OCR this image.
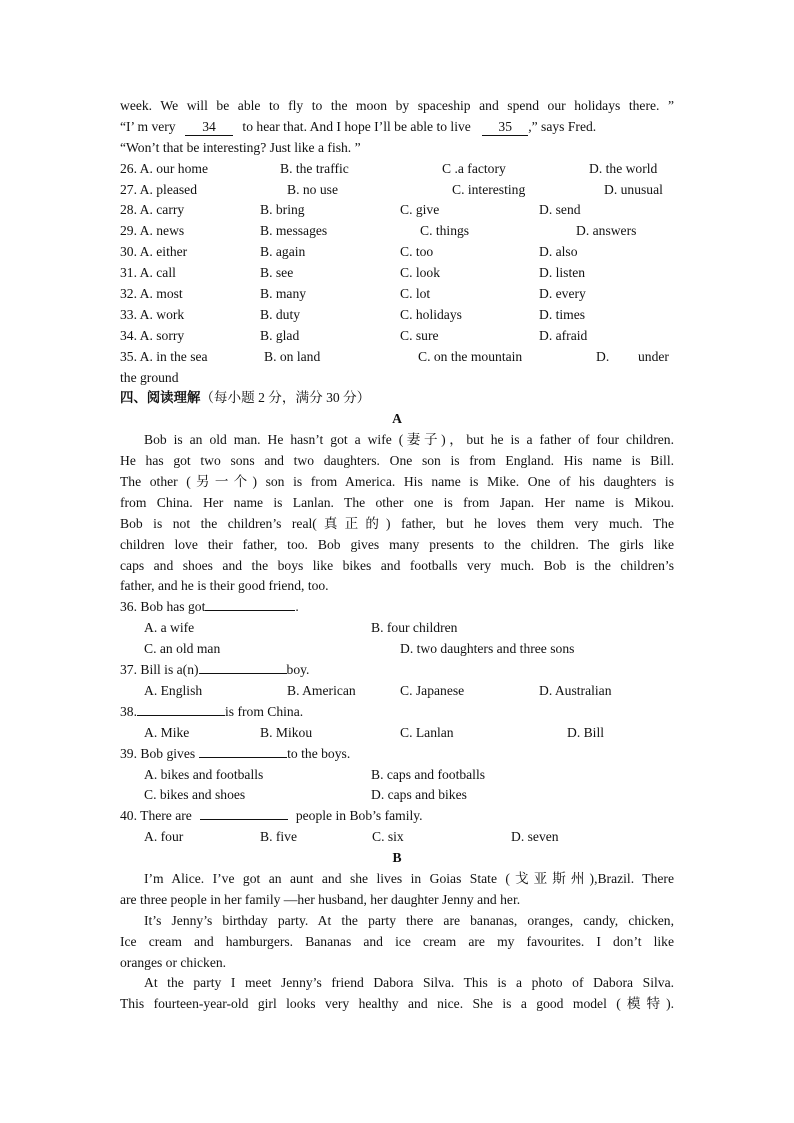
week. We will be able to fly to the moon by spaceship and spend our holidays there. ”
“I’ m very 34 to hear that. And I hope I’ll be able to live 35 ,” says Fred.
“Won’t that be interesting? Just like a fish. ”
26. A. our home	B. the traffic	C .a factory	D. the world
27. A. pleased	B. no use	C. interesting	D. unusual
28. A. carry	B. bring	C. give	D. send
29. A. news	B. messages	C. things	D. answers
30. A. either	B. again	C. too	D. also
31. A. call	B. see	C. look	D. listen
32. A. most	B. many	C. lot	D. every
33. A. work	B. duty	C. holidays	D. times
34. A. sorry	B. glad	C. sure	D. afraid
35. A. in the sea	B. on land	C. on the mountain	D. under
the ground
四、阅读理解（每小题 2 分，满分 30 分）
A
Bob is an old man. He hasn’t got a wife (妻子)，but he is a father of four children.
He has got two sons and two daughters. One son is from England. His name is Bill.
The other (另一个) son is from America. His name is Mike. One of his daughters is
from China. Her name is Lanlan. The other one is from Japan. Her name is Mikou.
Bob is not the children’s real(真正的) father, but he loves them very much. The
children love their father, too. Bob gives many presents to the children. The girls like
caps and shoes and the boys like bikes and footballs very much. Bob is the children’s
father, and he is their good friend, too.
36. Bob has got	.
A. a wife	B. four children
C. an old man	D. two daughters and three sons
37. Bill is a(n)	boy.
A. English	B. American	C. Japanese	D. Australian
38.	is from China.
A. Mike	B. Mikou	C. Lanlan	D. Bill
39. Bob gives	to the boys.
A. bikes and footballs	B. caps and footballs
C. bikes and shoes	D. caps and bikes
40. There are	people in Bob’s family.
A. four	B. five	C. six	D. seven
B
I’m Alice. I’ve got an aunt and she lives in Goias State (戈亚斯州),Brazil. There
are three people in her family —her husband, her daughter Jenny and her.
It’s Jenny’s birthday party. At the party there are bananas, oranges, candy, chicken,
Ice cream and hamburgers. Bananas and ice cream are my favourites. I don’t like
oranges or chicken.
At the party I meet Jenny’s friend Dabora Silva. This is a photo of Dabora Silva.
This fourteen-year-old girl looks very healthy and nice. She is a good model (模特).
